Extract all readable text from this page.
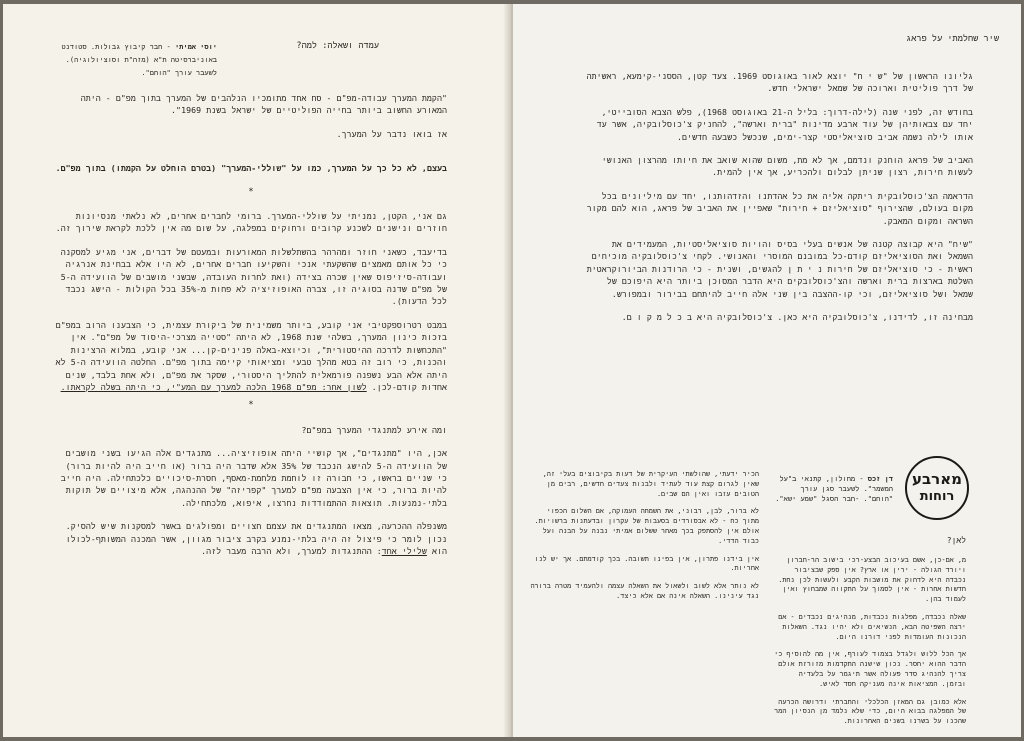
עמדה ושאלה: למה?
יוסי אמיתי - חבר קיבוץ גבולות. סטודנט באוניברסיטה ת"א (מזה"ת וסוציולוגיה). לשעבר עורך "הוחם".

"הקמת המערך עבודה-מפ"ם - סח אחד מתומכיו הנלהבים של המערך בתוך מפ"ם - היתה המאורע החשוב ביותר בחייה הפוליטיים של ישראל בשנת 1969".

אז בואו נדבר על המערך.

בעצם, לא כל כך על המערך, כמו על "שוללי-המערך" (בטרם הוחלט על הקמתו) בתוך מפ"ם.

*

גם אני, הקטן, נמניתי על שוללי-המערך. ברומי לחברים אחרים, לא נלאתי מנסיונות חוזרים ונישנים לשכנע קרובים ורחוקים במפלגה, על שום מה אין ללכת לקראת שירוך זה.

בדיעבד, כשאני חוזר ומהרהר בהשתלשלות המאורעות ובמעטם של דברים, אני מגיע למסקנה כי כל אותם מאמצים שהשקעתי אנכי והשקיעו חברים אחרים, לא היו אלא בבחינת אנרגיה ועבודה-סיזיפוס שאין שכרה בצידה (ואת לחרות העובדה, שבשני מושבים של הוועידה ה-5 של מפ"ם שדנה בסוגיה זו, צברה האופוזיציה לא פחות מ-35% בכל הקולות - הישג נכבד לכל הדעות).

במבט רטרוספקטיבי אני קובע, ביותר משמינית של ביקורת עצמית, כי הצבענו הרוב במפ"ם בזכות כינון המערך, בשלהי שנת 1968, לא היתה "סטייה מצרכי-היסוד של מפ"ם". אין "התכחשות לדרכה ההיסטורית", וכיוצא-באלה פנינים-קן... אני קובע, במלוא הרצינות והכנות, כי רוב זה בטא מהלך טבעי ומציאותי קיימה בתוך מפ"ם. החלטה הוועידה ה-5 לא היתה אלא הבע נשפנה פורמאלית להתליך היסטורי, שסקר את מפ"ם, ולא אחת בלבד, שנים אחדות קודם-לכן. לשון אחר: מפ"ם 1968 הלכה למערך עם המע"י, כי היתה בשלה לקראתו.

*

ומה אירע למתנגדי המערך במפ"ם?

אכן, היו "מתנגדים", אך קושיי היתה אופוזיציה... מתנגדים אלה הגיעו בשני מושבים של הוועידה ה-5 להישג הנכבד של 35% אלא שדבר היה ברור (או חייב היה להיות ברור) כי שניים בראשו, כי חבורה זו לוחמת מלחמת-מאסף, חסרת-סיכויים כלכתחילה. היה חייב להיות ברור, כי אין הצבעה מפ"ם למערך "קפריזה" של ההנהגה, אלא מיצויים של תוקות בלתי-נמנעות. תוצאות ההתמודדות נחרצו, איפוא, מלכתחילה.

משנפלה ההכרעה, מצאו המתנגדים את עצמם חצויים ומפולגים באשר למסקנות שיש להסיק. נכון לומר כי פיצול זה היה בלתי-נמנע בקרב ציבור מגוון, אשר המכנה המשותף-לכולו הוא שלילי אחד: ההתנגדות למערך, ולא הרבה מעבר לזה.

שיר שחלמתי על פראג

גליונו הראשון של "ש י ח" יוצא לאור באוגוסט 1969. צעד קטן, הססני-קימעא, ראשיתה של דרך פוליטית וארוכה של שמאל ישראלי חדש.

בחודש זה, לפני שנה (לילה-דרוך: בליל ה-21 באוגוסט 1968), פלש הצבא הסובייטי, יחד עם צבאותיהן של עוד ארבע מדינות "ברית וארשה", להחניק צ'כוסלובקיה, אשר עד אותו לילה נשמה אביב סוציאליסטי קצר-ימים, שנכשל כשבעה חדשים.

האביב של פראג הוחנק ונדמם, אך לא מת, משום שהוא שואב את חיותו מהרצון האנושי לעשות חירות, רצון שניתן לבלום ולהכריע, אך אין להמית.

הדראמה הצ'כוסלובקית ריתקה אליה את כל אהדתנו והזדהותנו, יחד עם מיליונים בכל מקום בעולם, שהצירוף "סוציאליזם + חירות" שאפיין את האביב של פראג, הוא להם מקור השראה ומקום המאבק.

"שיח" היא קבוצה קטנה של אנשים בעלי בסיס והויות סוציאליסטיות, המעמידים את השמאל ואת הסוציאליזם קודם-כל במובנם המוסרי והאנושי. לקחי צ'כוסלובקיה מוכיחים ראשית - כי סוציאליזם של חירות נ י ת ן להגשים, ושנית - כי הרודנות הביורוקראטית השלטת בארצות ברית וארשה והצ'כוסלובקים היא הדבר המסוכן ביותר היא היפוכם של שמאל ושל סוציאליזם, וכי קו-ההצבה בין שני אלה חייב להיתחם בבירור ובמפורש.

מבחינה זו, לדידנו, צ'כוסלובקיה היא כאן. צ'כוסלובקיה היא ב כ ל מ ק ו ם.

מארבע
רוחות
דן זכס - מחולון, קתנאי ב"על המשמר". לשעבר סגן עורך "הוחם". -חבר הסגל "שמע ישא".
לאן?

מ, אם-כן, אשם בעיכוב הבצע-רכי בישוב הר-חברון ויורד הגולה - ירין או ארץ? אין ספק שבציבור נכבדה היא לדחוק את מושבות הקבע ולעשות לכן נחת. חדשות אחרות - אין לסמוך על התקווה שמבחוץ ואין לעמוד בהן.

שאלה נכבדה, מפלגות נכבדות, מנהיגים נכבדים - אם ירצה השפיטה הבא, הנשיאים ולא יהיו נגד. השאלות הנכונות העומדות לפני דורנו היום.

אך הכל ללוש ולגדל בצמוד לעורף, אין מה להוסיף כי הדבר ההוא יחסר. נכון שישנה התקדמות מזורזת אולם צריך להנהיג סדר פעולה אשר תיגמר על בלעדיה ובזמן. המציאות אינה מעניקה חסד לאיש.

אלא כמובן גם המאזן הכלכלי והחברתי ודרושה הכרעה של המפלגה בבוא היום, כדי שלא נלמד מן הנסיון המר שהכנו על בשרנו בשנים האחרונות.

הכיר ידעתי, שהולשתי העיקרית של דעות בקיבוצים בעלי זה, שאין לגרום קצת עוד לעתיד ולבנות צעדים חדשים, רבים מן הטובים עזבו ואין הם שבים.

לא ברור, לבן, רבוני, את השמחה העמוקה, אם השלום הכפוי מתוך כח - לא אבסורדים בסעבות של עקרון ובדעתנות ברשויות. אולם אין להסתפק בכך מאחר ששלום אמיתי נבנה על הבנה ועל כבוד הדדי.

אין בידנו פתרון, אין בפינו תשובה. בכך קודמתם. אך יש לנו אחריות.

לא נותר אלא לשוב ולשאול את השאלה עצמה ולהעמיד מטרה ברורה נגד עינינו. השאלה אינה אם אלא כיצד.
